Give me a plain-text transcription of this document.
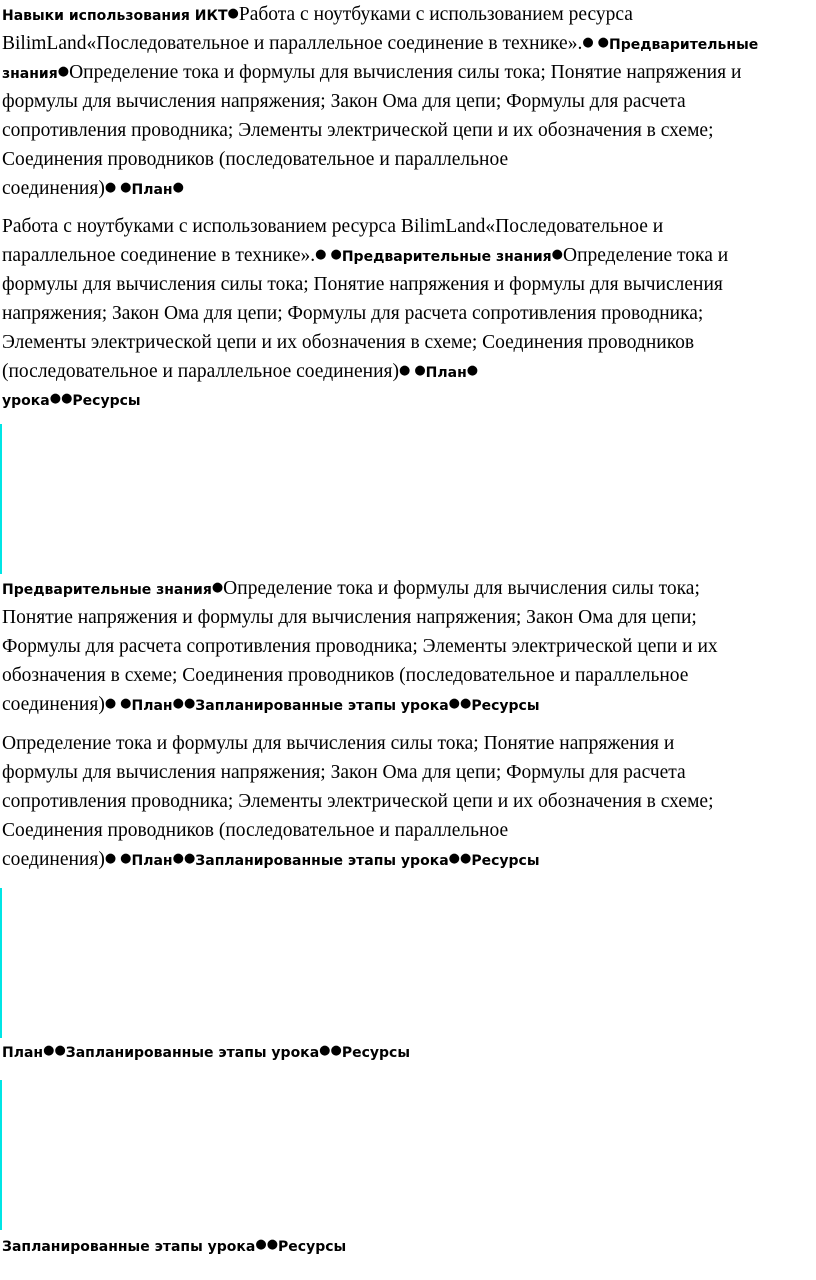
Навыки использования ИКТ●Работа с ноутбуками с использованием ресурса
BilimLand«Последовательное и параллельное соединение в технике».● ●Предварительные
знания●Определение тока и формулы для вычисления силы тока; Понятие напряжения и
формулы для вычисления напряжения; Закон Ома для цепи; Формулы для расчета
сопротивления проводника; Элементы электрической цепи и их обозначения в схеме;
Соединения проводников (последовательное и параллельное
соединения)● ●План●
Работа с ноутбуками с использованием ресурса BilimLand«Последовательное и
параллельное соединение в технике».● ●Предварительные знания●Определение тока и
формулы для вычисления силы тока; Понятие напряжения и формулы для вычисления
напряжения; Закон Ома для цепи; Формулы для расчета сопротивления проводника;
Элементы электрической цепи и их обозначения в схеме; Соединения проводников
(последовательное и параллельное соединения)● ●План●
урока●●Ресурсы
Предварительные знания●Определение тока и формулы для вычисления силы тока;
Понятие напряжения и формулы для вычисления напряжения; Закон Ома для цепи;
Формулы для расчета сопротивления проводника; Элементы электрической цепи и их
обозначения в схеме; Соединения проводников (последовательное и параллельное
соединения)● ●План●●Запланированные этапы урока●●Ресурсы
Определение тока и формулы для вычисления силы тока; Понятие напряжения и
формулы для вычисления напряжения; Закон Ома для цепи; Формулы для расчета
сопротивления проводника; Элементы электрической цепи и их обозначения в схеме;
Соединения проводников (последовательное и параллельное
соединения)● ●План●●Запланированные этапы урока●●Ресурсы
План●●Запланированные этапы урока●●Ресурсы
Запланированные этапы урока●●Ресурсы
